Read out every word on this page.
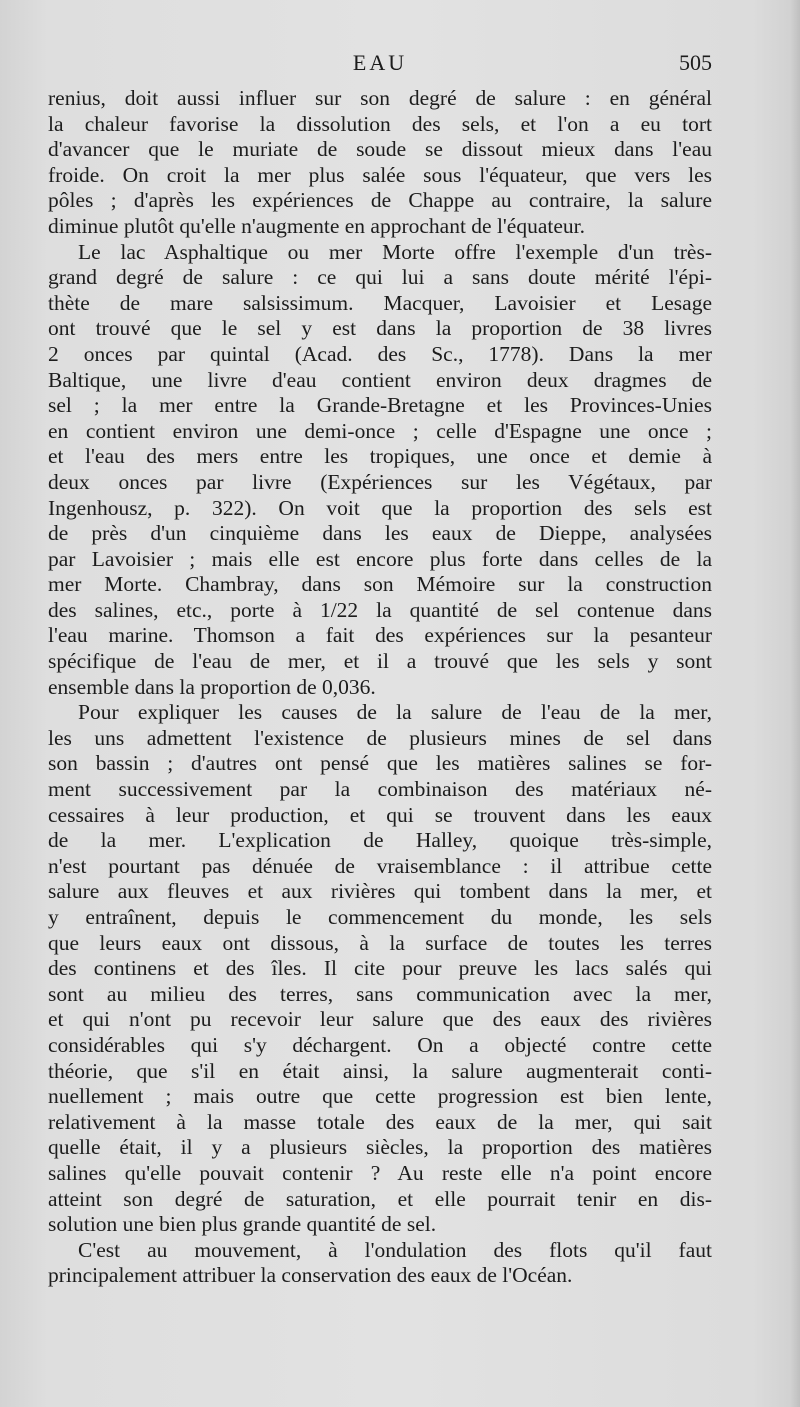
EAU	505

renius, doit aussi influer sur son degré de salure : en général

la chaleur favorise la dissolution des sels, et l'on a eu tort

d'avancer que le muriate de soude se dissout mieux dans l'eau

froide. On croit la mer plus salée sous l'équateur, que vers les

pôles ; d'après les expériences de Chappe au contraire, la salure

diminue plutôt qu'elle n'augmente en approchant de l'équateur.

Le lac Asphaltique ou mer Morte offre l'exemple d'un très-

grand degré de salure : ce qui lui a sans doute mérité l'épi-

thète de mare salsissimum. Macquer, Lavoisier et Lesage

ont trouvé que le sel y est dans la proportion de 38 livres

2 onces par quintal (Acad. des Sc., 1778). Dans la mer

Baltique, une livre d'eau contient environ deux dragmes de

sel ; la mer entre la Grande-Bretagne et les Provinces-Unies

en contient environ une demi-once ; celle d'Espagne une once ;

et l'eau des mers entre les tropiques, une once et demie à

deux onces par livre (Expériences sur les Végétaux, par

Ingenhousz, p. 322). On voit que la proportion des sels est

de près d'un cinquième dans les eaux de Dieppe, analysées

par Lavoisier ; mais elle est encore plus forte dans celles de la

mer Morte. Chambray, dans son Mémoire sur la construction

des salines, etc., porte à 1/22 la quantité de sel contenue dans

l'eau marine. Thomson a fait des expériences sur la pesanteur

spécifique de l'eau de mer, et il a trouvé que les sels y sont

ensemble dans la proportion de 0,036.

Pour expliquer les causes de la salure de l'eau de la mer,

les uns admettent l'existence de plusieurs mines de sel dans

son bassin ; d'autres ont pensé que les matières salines se for-

ment successivement par la combinaison des matériaux né-

cessaires à leur production, et qui se trouvent dans les eaux

de la mer. L'explication de Halley, quoique très-simple,

n'est pourtant pas dénuée de vraisemblance : il attribue cette

salure aux fleuves et aux rivières qui tombent dans la mer, et

y entraînent, depuis le commencement du monde, les sels

que leurs eaux ont dissous, à la surface de toutes les terres

des continens et des îles. Il cite pour preuve les lacs salés qui

sont au milieu des terres, sans communication avec la mer,

et qui n'ont pu recevoir leur salure que des eaux des rivières

considérables qui s'y déchargent. On a objecté contre cette

théorie, que s'il en était ainsi, la salure augmenterait conti-

nuellement ; mais outre que cette progression est bien lente,

relativement à la masse totale des eaux de la mer, qui sait

quelle était, il y a plusieurs siècles, la proportion des matières

salines qu'elle pouvait contenir ? Au reste elle n'a point encore

atteint son degré de saturation, et elle pourrait tenir en dis-

solution une bien plus grande quantité de sel.

C'est au mouvement, à l'ondulation des flots qu'il faut

principalement attribuer la conservation des eaux de l'Océan.
